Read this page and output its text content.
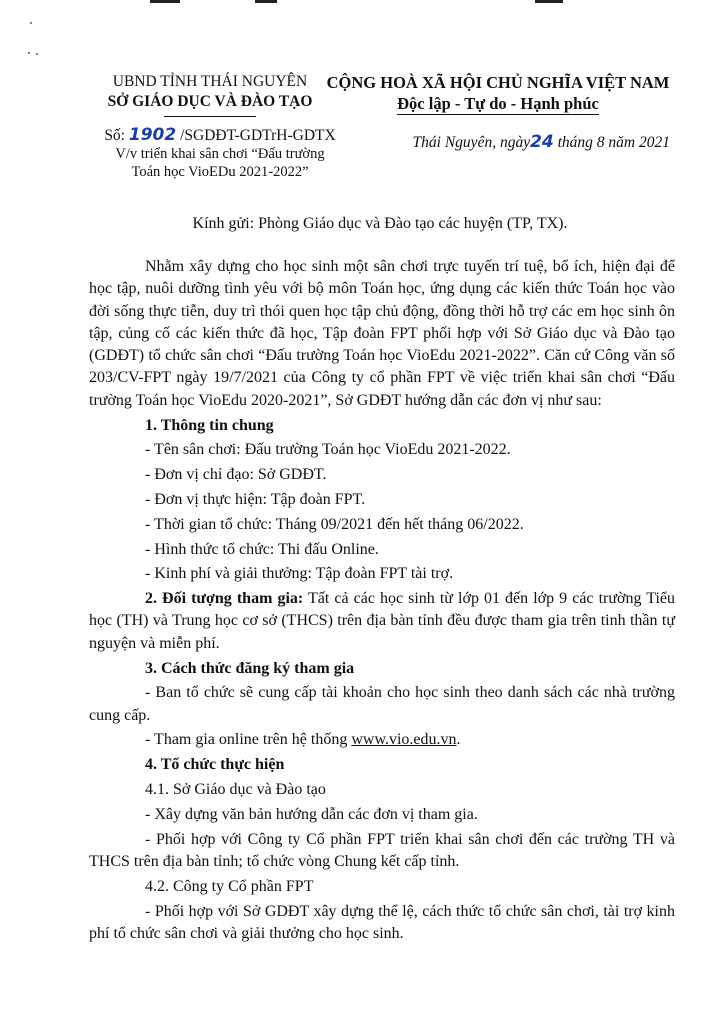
UBND TỈNH THÁI NGUYÊN
SỞ GIÁO DỤC VÀ ĐÀO TẠO
CỘNG HOÀ XÃ HỘI CHỦ NGHĨA VIỆT NAM
Độc lập - Tự do - Hạnh phúc
Số: 1902 /SGDĐT-GDTrH-GDTX
V/v triển khai sân chơi “Đấu trường
Toán học VioEDu 2021-2022”
Thái Nguyên, ngày24 tháng 8 năm 2021
Kính gửi: Phòng Giáo dục và Đào tạo các huyện (TP, TX).

Nhằm xây dựng cho học sinh một sân chơi trực tuyến trí tuệ, bổ ích, hiện đại để học tập, nuôi dưỡng tình yêu với bộ môn Toán học, ứng dụng các kiến thức Toán học vào đời sống thực tiễn, duy trì thói quen học tập chủ động, đồng thời hỗ trợ các em học sinh ôn tập, củng cố các kiến thức đã học, Tập đoàn FPT phối hợp với Sở Giáo dục và Đào tạo (GDĐT) tổ chức sân chơi “Đấu trường Toán học VioEdu 2021-2022”. Căn cứ Công văn số 203/CV-FPT ngày 19/7/2021 của Công ty cổ phần FPT về việc triển khai sân chơi “Đấu trường Toán học VioEdu 2020-2021”, Sở GDĐT hướng dẫn các đơn vị như sau:

1. Thông tin chung

- Tên sân chơi: Đấu trường Toán học VioEdu 2021-2022.

- Đơn vị chỉ đạo: Sở GDĐT.

- Đơn vị thực hiện: Tập đoàn FPT.

- Thời gian tổ chức: Tháng 09/2021 đến hết tháng 06/2022.

- Hình thức tổ chức: Thi đấu Online.

- Kinh phí và giải thưởng: Tập đoàn FPT tài trợ.

2. Đối tượng tham gia: Tất cả các học sinh từ lớp 01 đến lớp 9 các trường Tiểu học (TH) và Trung học cơ sở (THCS) trên địa bàn tỉnh đều được tham gia trên tinh thần tự nguyện và miễn phí.

3. Cách thức đăng ký tham gia

- Ban tổ chức sẽ cung cấp tài khoản cho học sinh theo danh sách các nhà trường cung cấp.

- Tham gia online trên hệ thống www.vio.edu.vn.

4. Tổ chức thực hiện

4.1. Sở Giáo dục và Đào tạo

- Xây dựng văn bản hướng dẫn các đơn vị tham gia.

- Phối hợp với Công ty Cổ phần FPT triển khai sân chơi đến các trường TH và THCS trên địa bàn tỉnh; tổ chức vòng Chung kết cấp tỉnh.

4.2. Công ty Cổ phần FPT

- Phối hợp với Sở GDĐT xây dựng thể lệ, cách thức tổ chức sân chơi, tài trợ kinh phí tổ chức sân chơi và giải thưởng cho học sinh.
